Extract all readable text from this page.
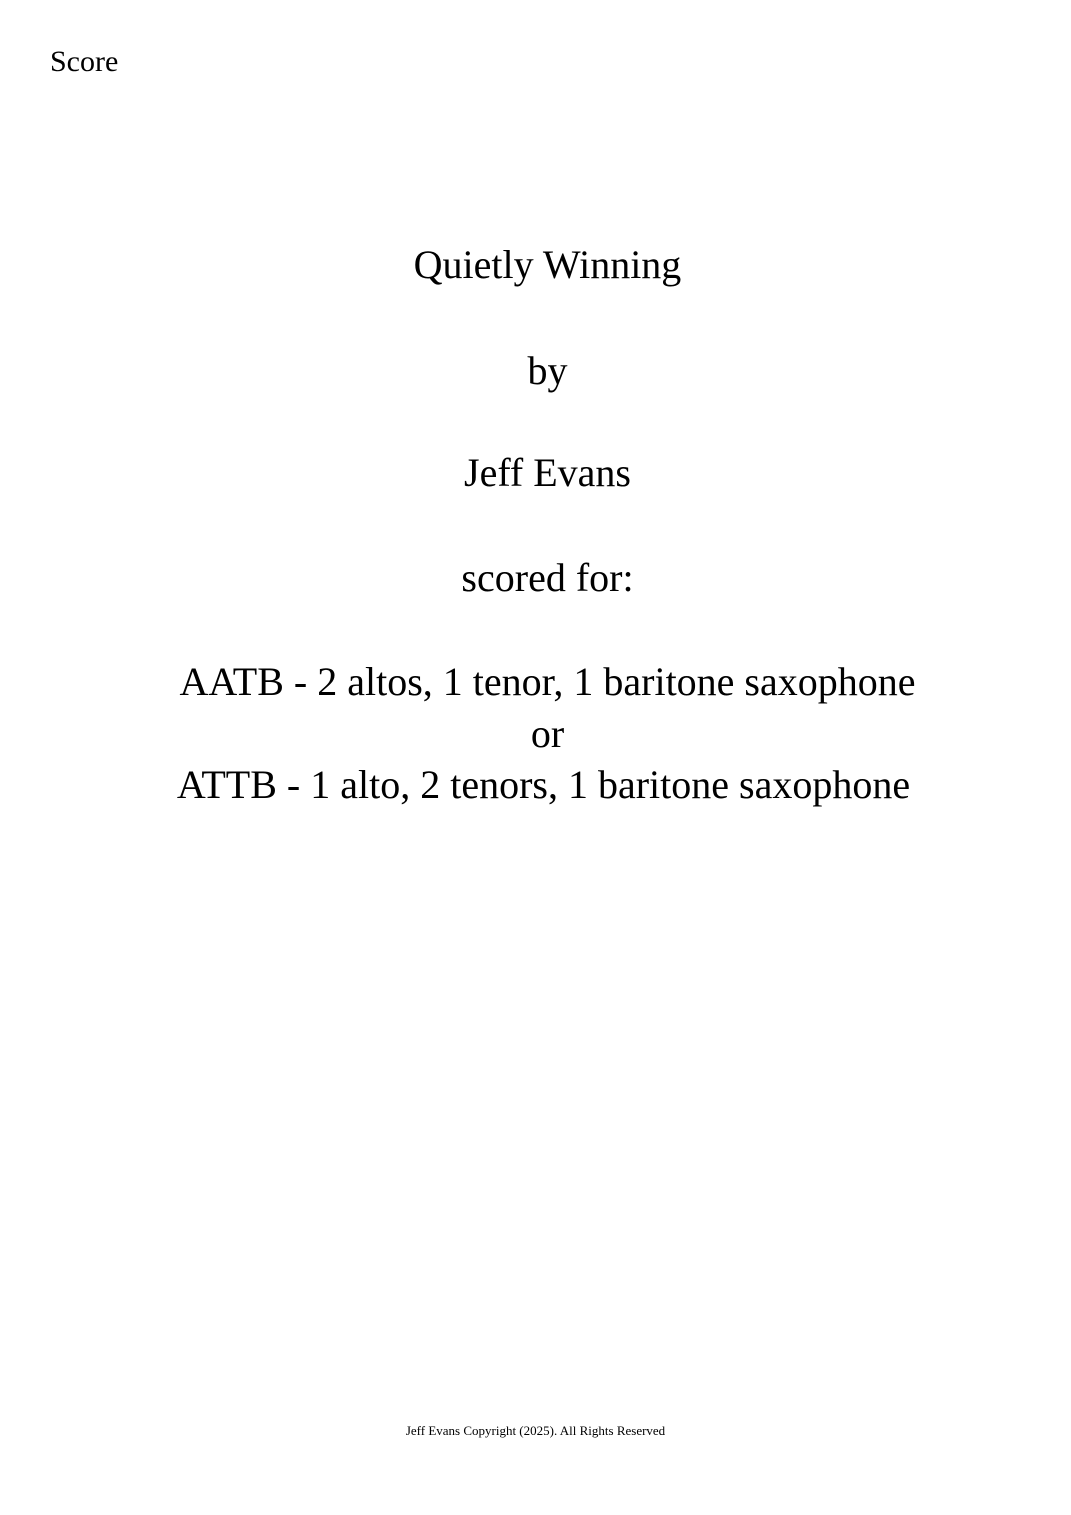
Score
Quietly Winning
by
Jeff Evans
scored for:
AATB - 2 altos, 1 tenor, 1 baritone saxophone
or
ATTB - 1 alto, 2 tenors, 1 baritone saxophone
Jeff Evans Copyright (2025). All Rights Reserved
